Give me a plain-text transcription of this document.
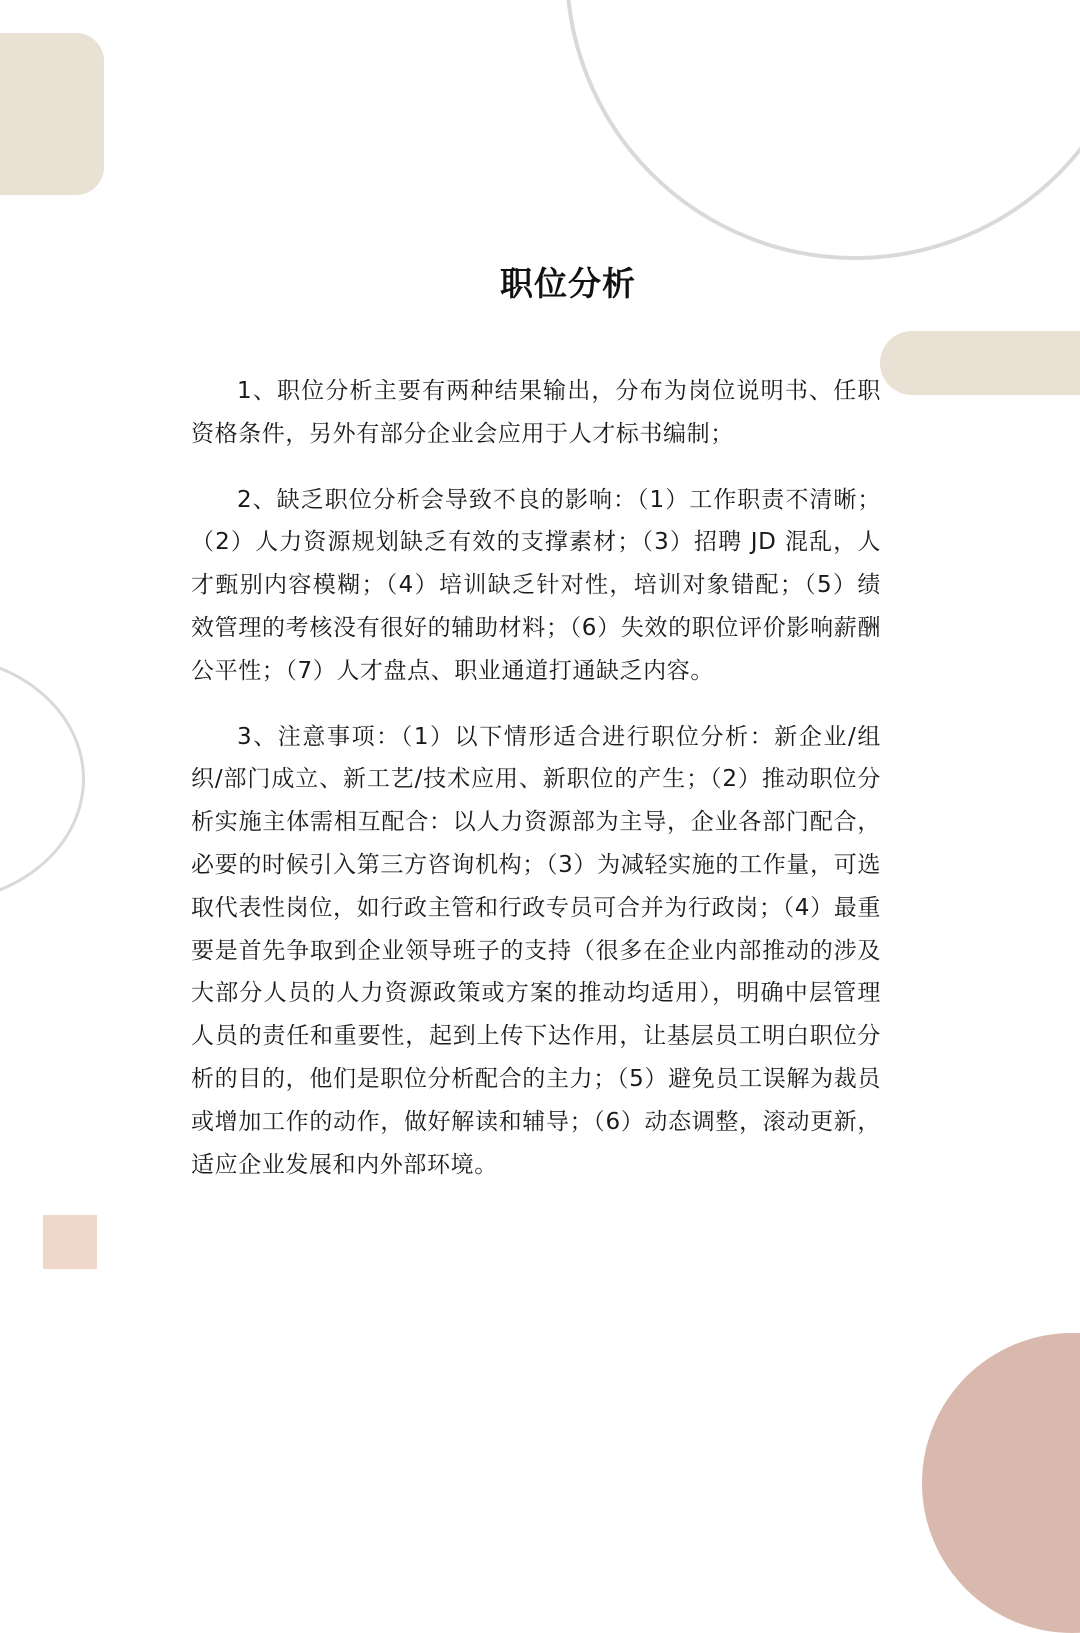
职位分析

1、职位分析主要有两种结果输出，分布为岗位说明书、任职资格条件，另外有部分企业会应用于人才标书编制；

2、缺乏职位分析会导致不良的影响：（1）工作职责不清晰；（2）人力资源规划缺乏有效的支撑素材；（3）招聘 JD 混乱，人才甄别内容模糊；（4）培训缺乏针对性，培训对象错配；（5）绩效管理的考核没有很好的辅助材料；（6）失效的职位评价影响薪酬公平性；（7）人才盘点、职业通道打通缺乏内容。

3、注意事项：（1）以下情形适合进行职位分析：新企业/组织/部门成立、新工艺/技术应用、新职位的产生；（2）推动职位分析实施主体需相互配合：以人力资源部为主导，企业各部门配合，必要的时候引入第三方咨询机构；（3）为减轻实施的工作量，可选取代表性岗位，如行政主管和行政专员可合并为行政岗；（4）最重要是首先争取到企业领导班子的支持（很多在企业内部推动的涉及大部分人员的人力资源政策或方案的推动均适用），明确中层管理人员的责任和重要性，起到上传下达作用，让基层员工明白职位分析的目的，他们是职位分析配合的主力；（5）避免员工误解为裁员或增加工作的动作，做好解读和辅导；（6）动态调整，滚动更新，适应企业发展和内外部环境。
